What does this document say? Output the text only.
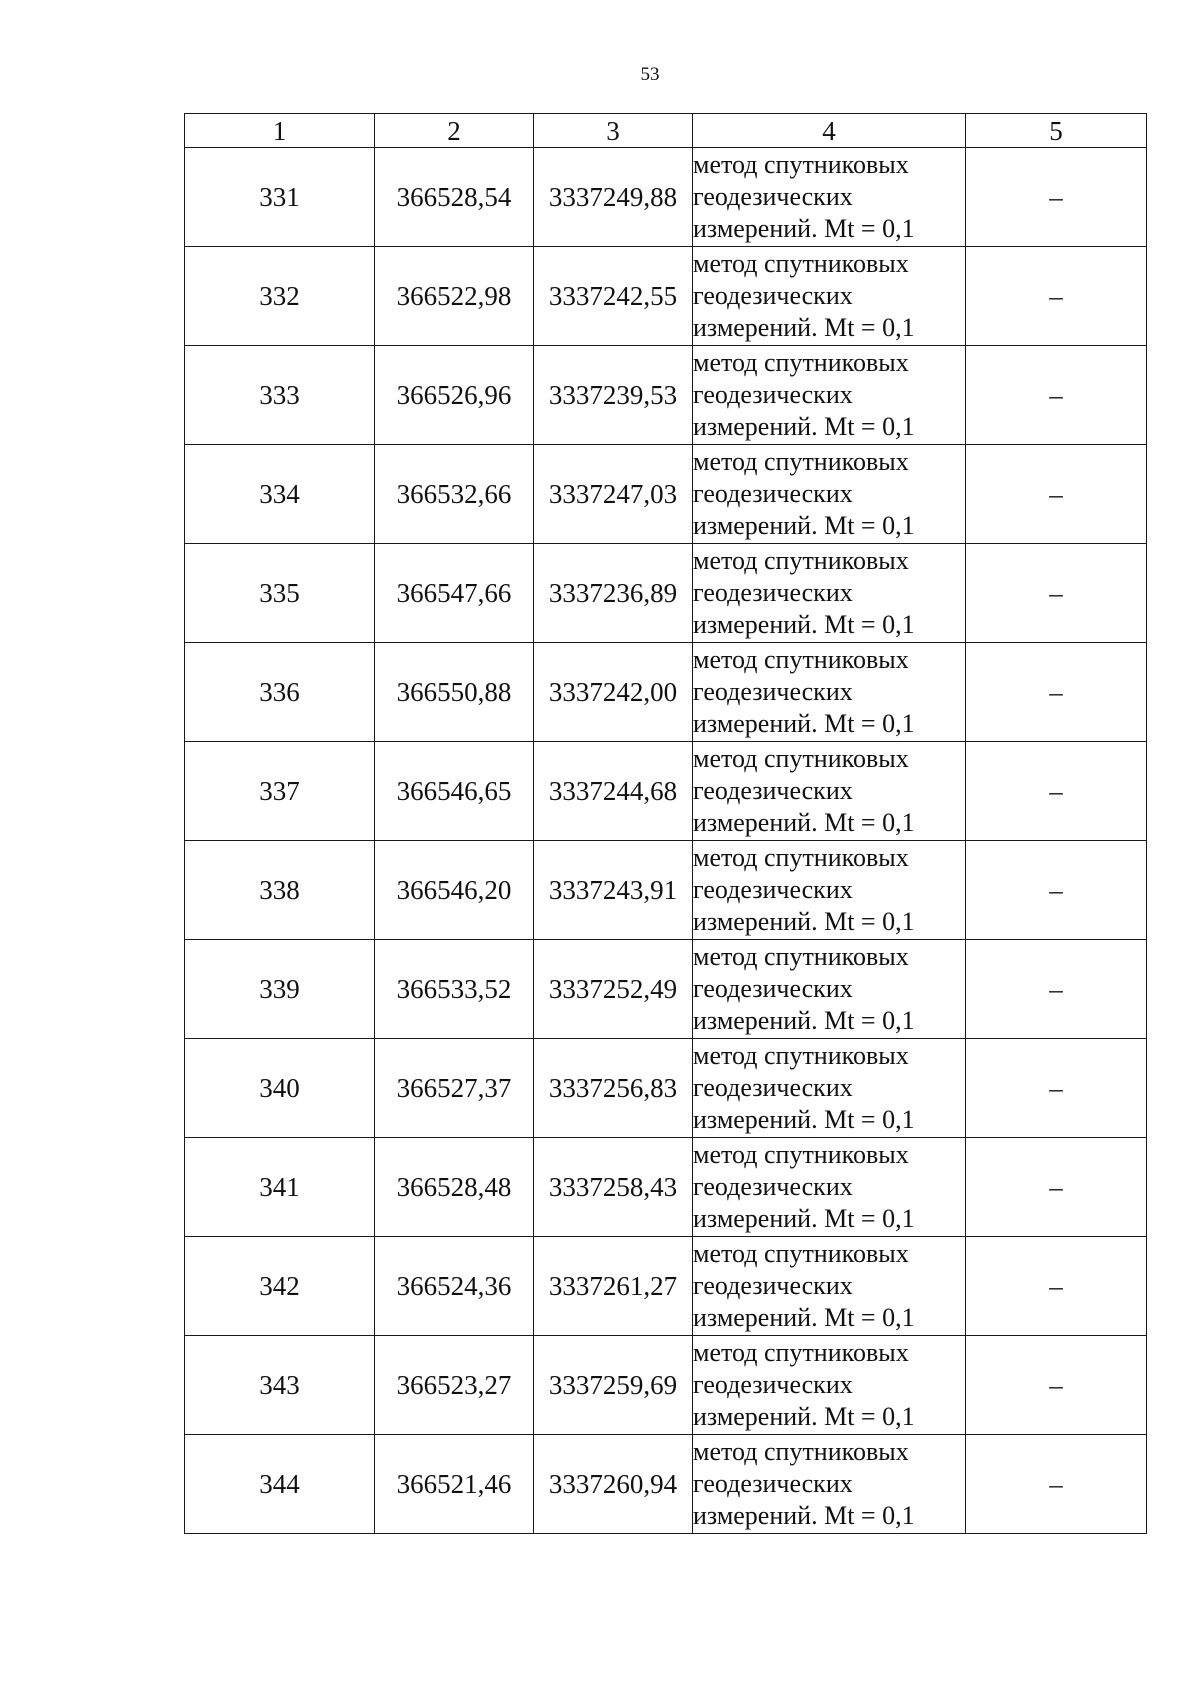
53
1	2	3	4	5
331	366528,54	3337249,88	метод спутниковых
геодезических
измерений. Mt = 0,1	–
332	366522,98	3337242,55	метод спутниковых
геодезических
измерений. Mt = 0,1	–
333	366526,96	3337239,53	метод спутниковых
геодезических
измерений. Mt = 0,1	–
334	366532,66	3337247,03	метод спутниковых
геодезических
измерений. Mt = 0,1	–
335	366547,66	3337236,89	метод спутниковых
геодезических
измерений. Mt = 0,1	–
336	366550,88	3337242,00	метод спутниковых
геодезических
измерений. Mt = 0,1	–
337	366546,65	3337244,68	метод спутниковых
геодезических
измерений. Mt = 0,1	–
338	366546,20	3337243,91	метод спутниковых
геодезических
измерений. Mt = 0,1	–
339	366533,52	3337252,49	метод спутниковых
геодезических
измерений. Mt = 0,1	–
340	366527,37	3337256,83	метод спутниковых
геодезических
измерений. Mt = 0,1	–
341	366528,48	3337258,43	метод спутниковых
геодезических
измерений. Mt = 0,1	–
342	366524,36	3337261,27	метод спутниковых
геодезических
измерений. Mt = 0,1	–
343	366523,27	3337259,69	метод спутниковых
геодезических
измерений. Mt = 0,1	–
344	366521,46	3337260,94	метод спутниковых
геодезических
измерений. Mt = 0,1	–
